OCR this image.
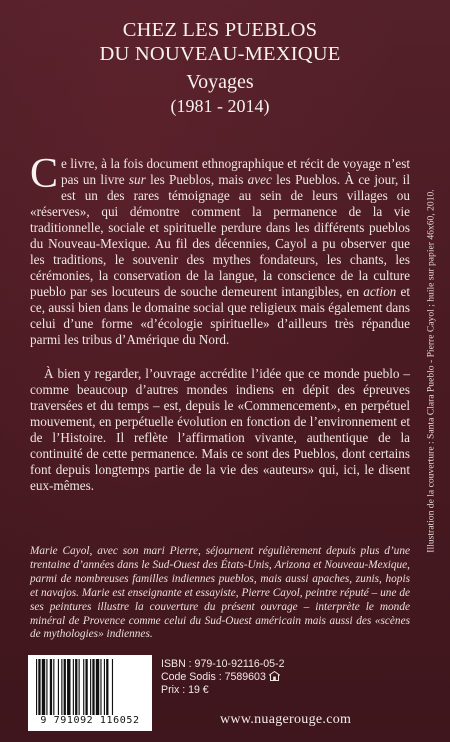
CHEZ LES PUEBLOS
DU NOUVEAU-MEXIQUE
Voyages
(1981 - 2014)
Ce livre, à la fois document ethnographique et récit de voyage n’est pas un livre sur les Pueblos, mais avec les Pueblos. À ce jour, il est un des rares témoignage au sein de leurs villages ou «réserves», qui démontre comment la permanence de la vie traditionnelle, sociale et spirituelle perdure dans les différents pueblos du Nouveau-Mexique. Au fil des décennies, Cayol a pu observer que les traditions, le souvenir des mythes fondateurs, les chants, les cérémonies, la conservation de la langue, la conscience de la culture pueblo par ses locuteurs de souche demeurent intangibles, en action et ce, aussi bien dans le domaine social que religieux mais également dans celui d’une forme «d’écologie spirituelle» d’ailleurs très répandue parmi les tribus d’Amérique du Nord.
À bien y regarder, l’ouvrage accrédite l’idée que ce monde pueblo – comme beaucoup d’autres mondes indiens en dépit des épreuves traversées et du temps – est, depuis le «Commencement», en perpétuel mouvement, en perpétuelle évolution en fonction de l’environnement et de l’Histoire. Il reflète l’affirmation vivante, authentique de la continuité de cette permanence. Mais ce sont des Pueblos, dont certains font depuis longtemps partie de la vie des «auteurs» qui, ici, le disent eux-mêmes.
Marie Cayol, avec son mari Pierre, séjournent régulièrement depuis plus d’une trentaine d’années dans le Sud-Ouest des États-Unis, Arizona et Nouveau-Mexique, parmi de nombreuses familles indiennes pueblos, mais aussi apaches, zunis, hopis et navajos. Marie est enseignante et essayiste, Pierre Cayol, peintre réputé – une de ses peintures illustre la couverture du présent ouvrage – interprète le monde minéral de Provence comme celui du Sud-Ouest américain mais aussi des «scènes de mythologies» indiennes.
9 791092 116052
ISBN : 979-10-92116-05-2
Code Sodis : 7589603
Prix : 19 €
www.nuagerouge.com
Illustration de la couverture : Santa Clara Pueblo - Pierre Cayol ; huile sur papier 46x60, 2010.
